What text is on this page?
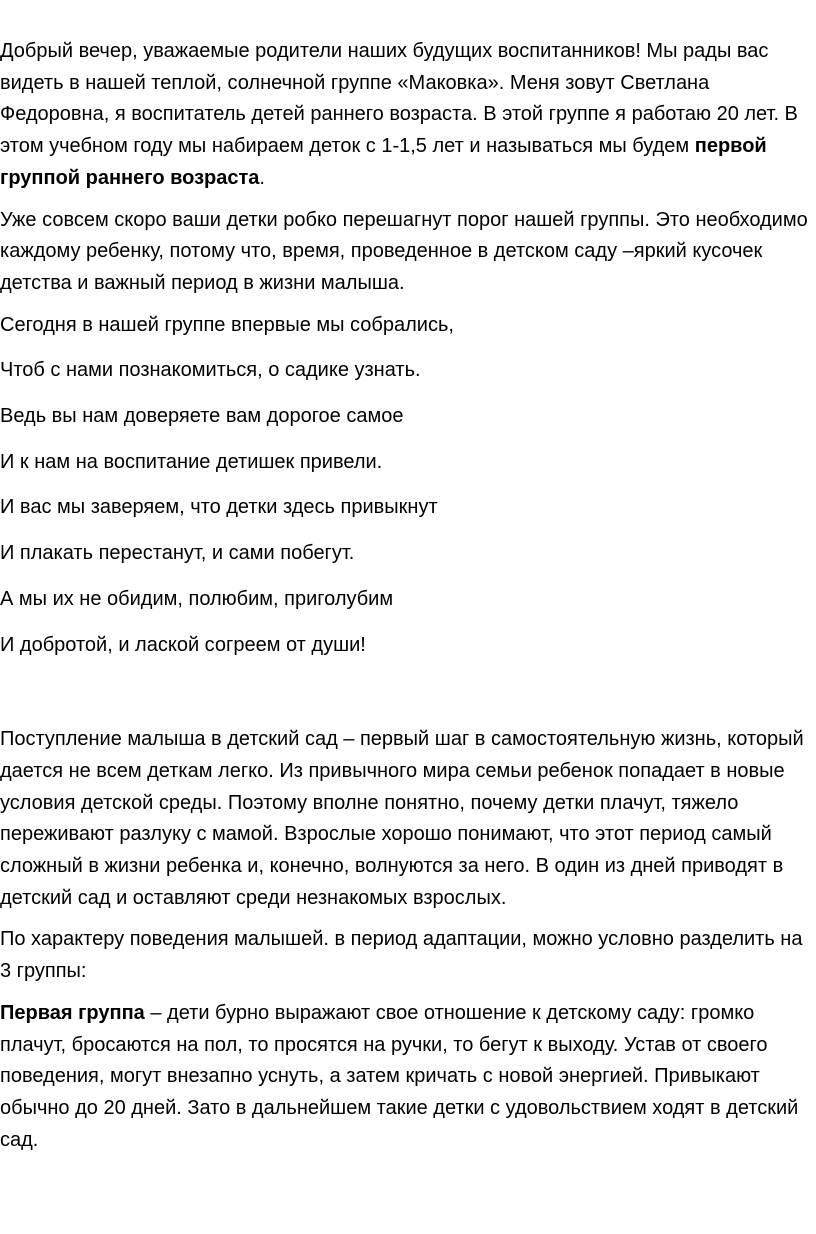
Добрый вечер, уважаемые родители наших будущих воспитанников! Мы рады вас видеть в нашей теплой, солнечной группе «Маковка». Меня зовут Светлана Федоровна, я воспитатель детей раннего возраста. В этой группе я работаю 20 лет. В этом учебном году мы набираем деток с 1-1,5 лет и называться мы будем первой группой раннего возраста.

Уже совсем скоро ваши детки робко перешагнут порог нашей группы. Это необходимо каждому ребенку, потому что, время, проведенное в детском саду –яркий кусочек детства и важный период в жизни малыша.

Сегодня в нашей группе впервые мы собрались,

Чтоб с нами познакомиться, о садике узнать.

Ведь вы нам доверяете вам дорогое самое

И к нам на воспитание детишек привели.

И вас мы заверяем, что детки здесь привыкнут

И плакать перестанут, и сами побегут.

А мы их не обидим, полюбим, приголубим

И добротой, и лаской согреем от души!

Поступление малыша в детский сад – первый шаг в самостоятельную жизнь, который дается не всем деткам легко. Из привычного мира семьи ребенок попадает в новые условия детской среды. Поэтому вполне понятно, почему детки плачут, тяжело переживают разлуку с мамой. Взрослые хорошо понимают, что этот период самый сложный в жизни ребенка и, конечно, волнуются за него. В один из дней приводят в детский сад и оставляют среди незнакомых взрослых.

По характеру поведения малышей. в период адаптации, можно условно разделить на 3 группы:

Первая группа – дети бурно выражают свое отношение к детскому саду: громко плачут, бросаются на пол, то просятся на ручки, то бегут к выходу. Устав от своего поведения, могут внезапно уснуть, а затем кричать с новой энергией. Привыкают обычно до 20 дней. Зато в дальнейшем такие детки с удовольствием ходят в детский сад.
